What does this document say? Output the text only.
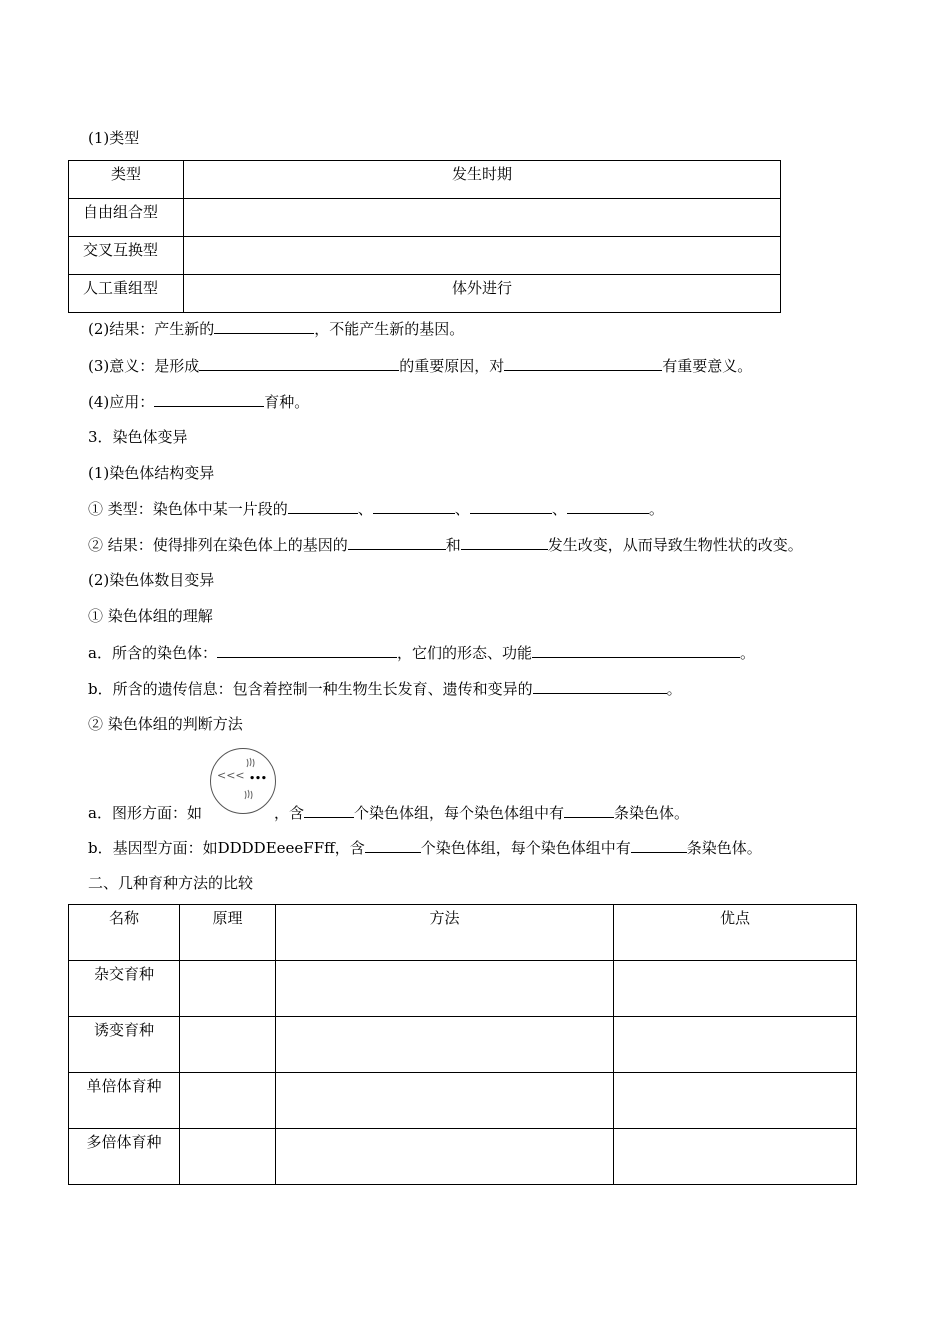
(1)类型
类型	发生时期
自由组合型	
交叉互换型	
人工重组型	体外进行
(2)结果：产生新的	，不能产生新的基因。
(3)意义：是形成	的重要原因，对	有重要意义。
(4)应用：	育种。
3．染色体变异
(1)染色体结构变异
① 类型：染色体中某一片段的	、	、	、	。
② 结果：使得排列在染色体上的基因的	和	发生改变，从而导致生物性状的改变。
(2)染色体数目变异
① 染色体组的理解
a．所含的染色体：	，它们的形态、功能	。
b．所含的遗传信息：包含着控制一种生物生长发育、遗传和变异的	。
② 染色体组的判断方法
<<< …
a．图形方面：如	，含	个染色体组，每个染色体组中有	条染色体。
b．基因型方面：如DDDDEeeeFFff，含	个染色体组，每个染色体组中有	条染色体。
二、几种育种方法的比较
名称	原理	方法	优点
杂交育种			
诱变育种			
单倍体育种			
多倍体育种			
